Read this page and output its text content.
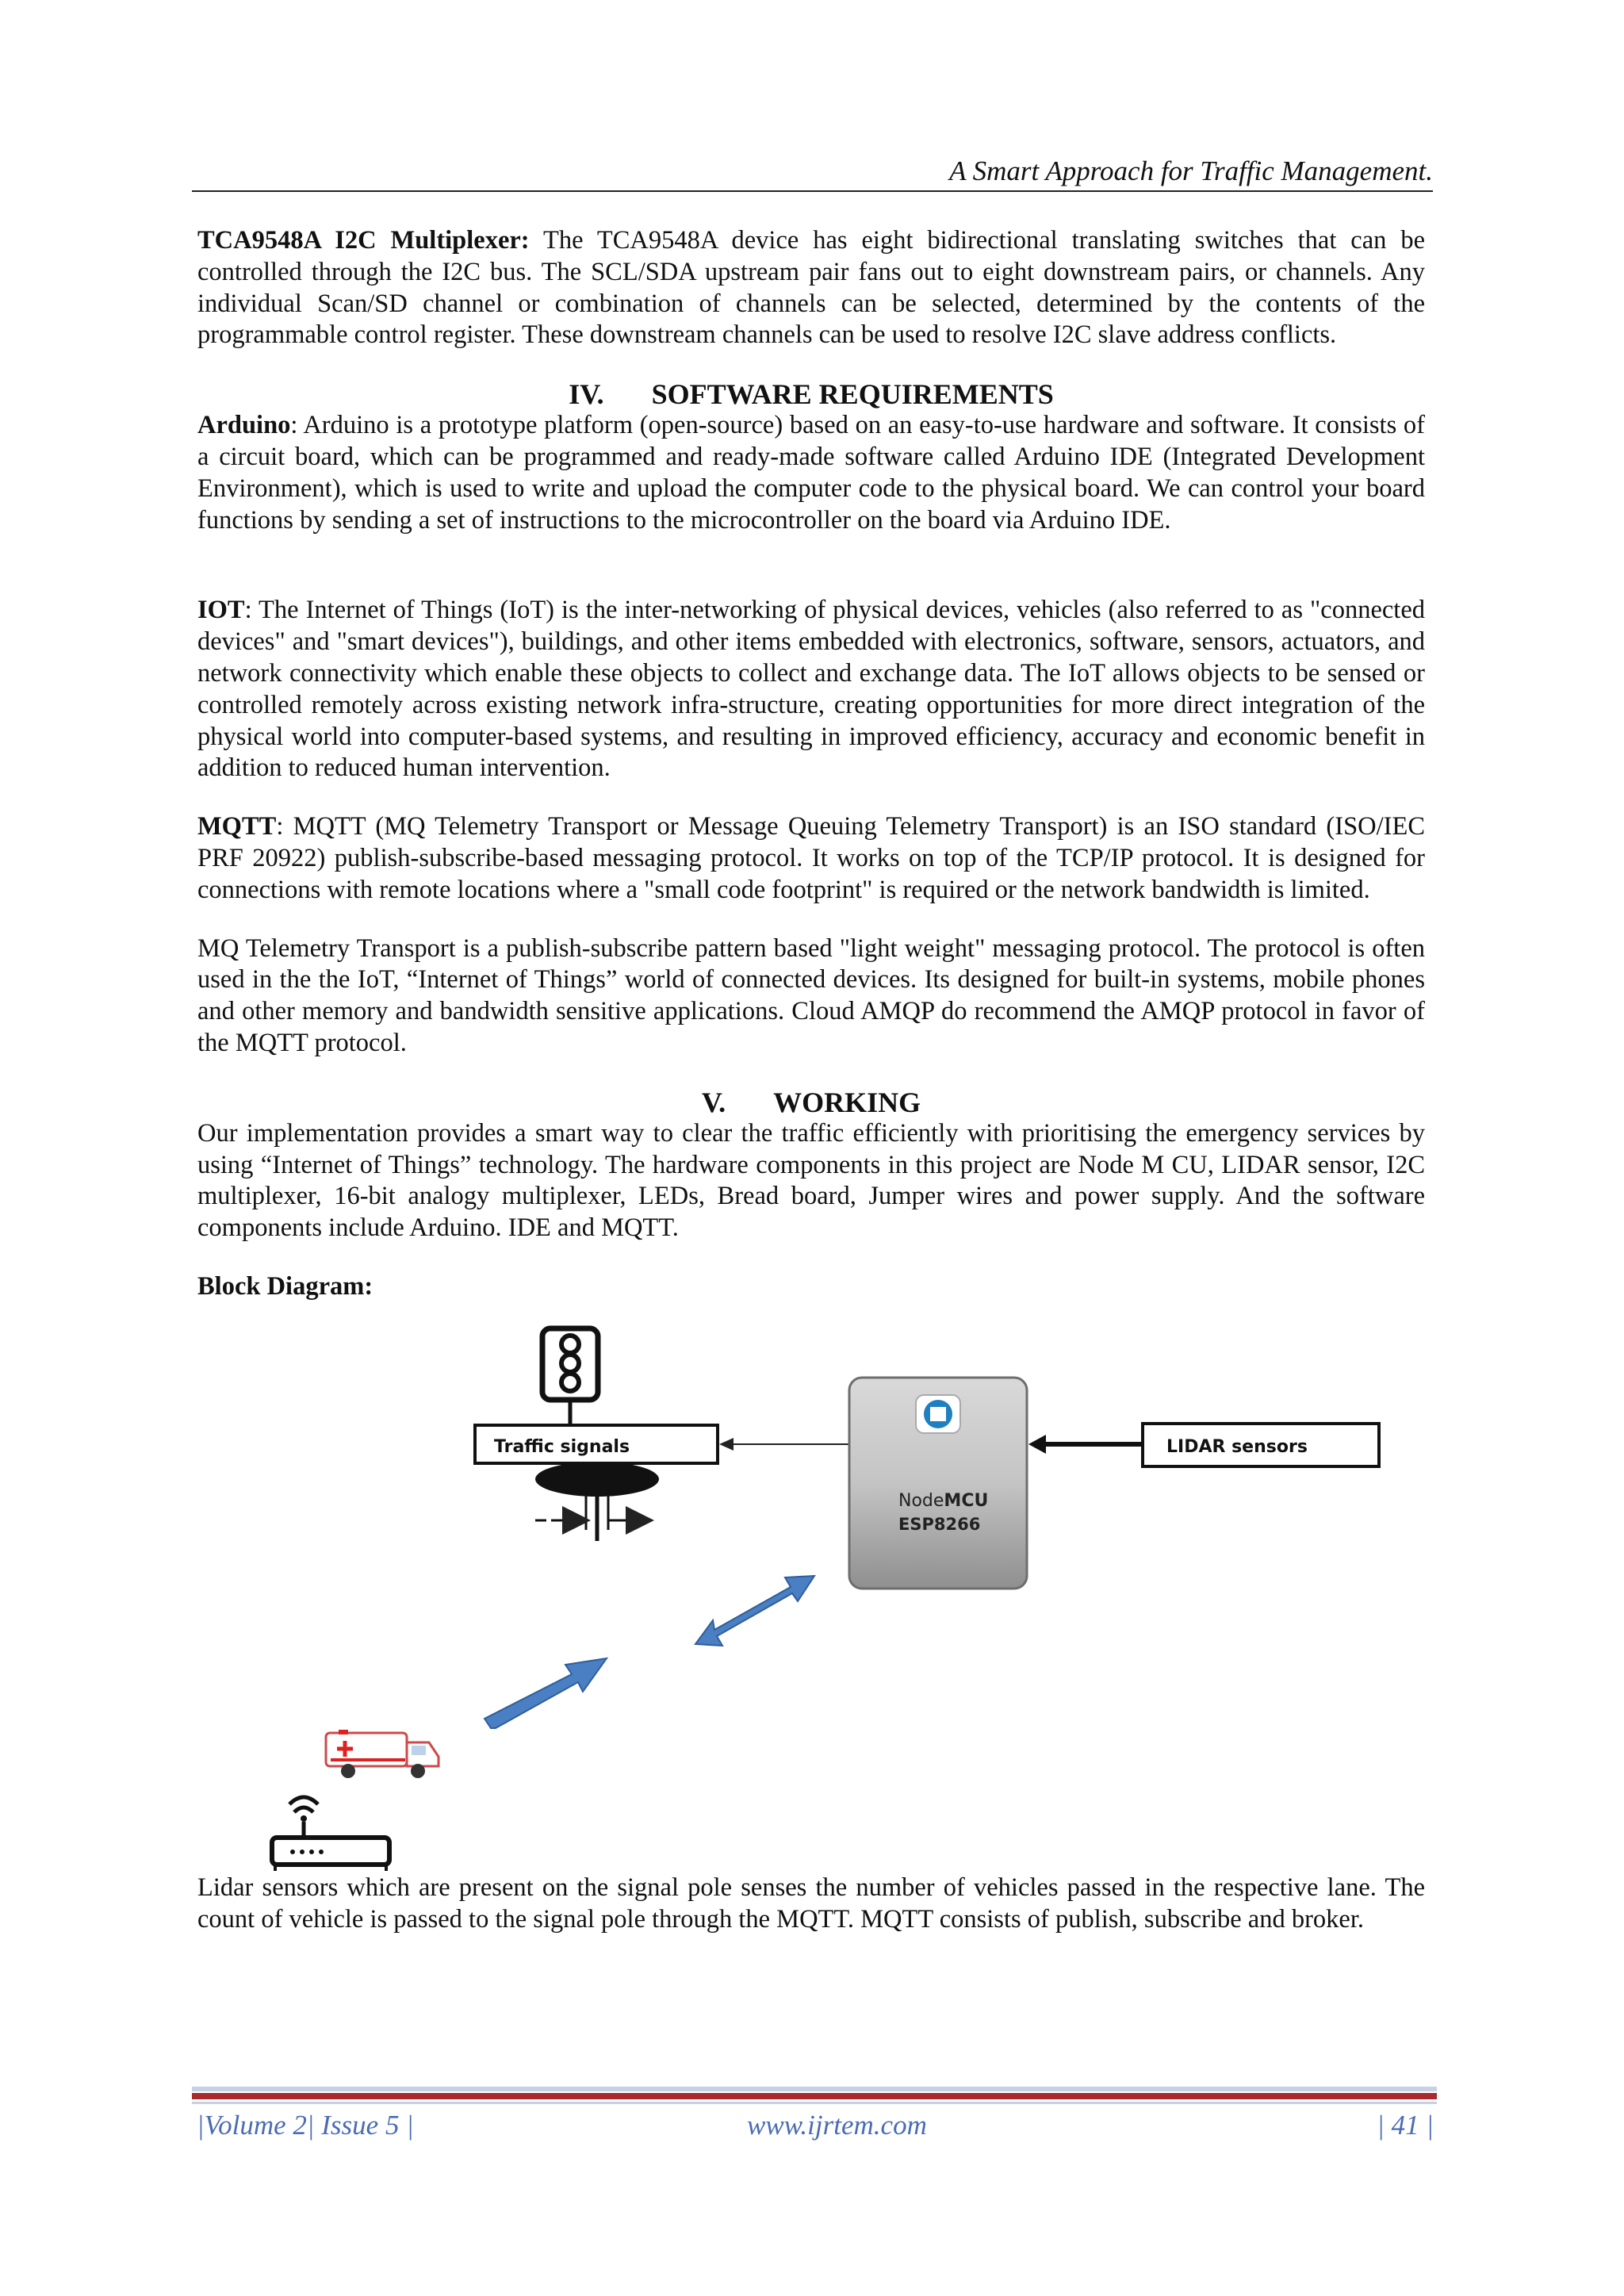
A Smart Approach for Traffic Management.

TCA9548A I2C Multiplexer: The TCA9548A device has eight bidirectional translating switches that can be controlled through the I2C bus. The SCL/SDA upstream pair fans out to eight downstream pairs, or channels. Any individual Scan/SD channel or combination of channels can be selected, determined by the contents of the programmable control register. These downstream channels can be used to resolve I2C slave address conflicts.

IV. SOFTWARE REQUIREMENTS

Arduino: Arduino is a prototype platform (open-source) based on an easy-to-use hardware and software. It consists of a circuit board, which can be programmed and ready-made software called Arduino IDE (Integrated Development Environment), which is used to write and upload the computer code to the physical board. We can control your board functions by sending a set of instructions to the microcontroller on the board via Arduino IDE.

IOT: The Internet of Things (IoT) is the inter-networking of physical devices, vehicles (also referred to as "connected devices" and "smart devices"), buildings, and other items embedded with electronics, software, sensors, actuators, and network connectivity which enable these objects to collect and exchange data. The IoT allows objects to be sensed or controlled remotely across existing network infra-structure, creating opportunities for more direct integration of the physical world into computer-based systems, and resulting in improved efficiency, accuracy and economic benefit in addition to reduced human intervention.

MQTT: MQTT (MQ Telemetry Transport or Message Queuing Telemetry Transport) is an ISO standard (ISO/IEC PRF 20922) publish-subscribe-based messaging protocol. It works on top of the TCP/IP protocol. It is designed for connections with remote locations where a "small code footprint" is required or the network bandwidth is limited.

MQ Telemetry Transport is a publish-subscribe pattern based "light weight" messaging protocol. The protocol is often used in the the IoT, “Internet of Things” world of connected devices. Its designed for built-in systems, mobile phones and other memory and bandwidth sensitive applications. Cloud AMQP do recommend the AMQP protocol in favor of the MQTT protocol.

V. WORKING

Our implementation provides a smart way to clear the traffic efficiently with prioritising the emergency services by using “Internet of Things” technology. The hardware components in this project are Node M CU, LIDAR sensor, I2C multiplexer, 16-bit analogy multiplexer, LEDs, Bread board, Jumper wires and power supply. And the software components include Arduino. IDE and MQTT.

Block Diagram:

Traffic signals
NodeMCU
ESP8266
LIDAR sensors

Lidar sensors which are present on the signal pole senses the number of vehicles passed in the respective lane. The count of vehicle is passed to the signal pole through the MQTT. MQTT consists of publish, subscribe and broker.

|Volume 2| Issue 5 |	www.ijrtem.com	| 41 |
